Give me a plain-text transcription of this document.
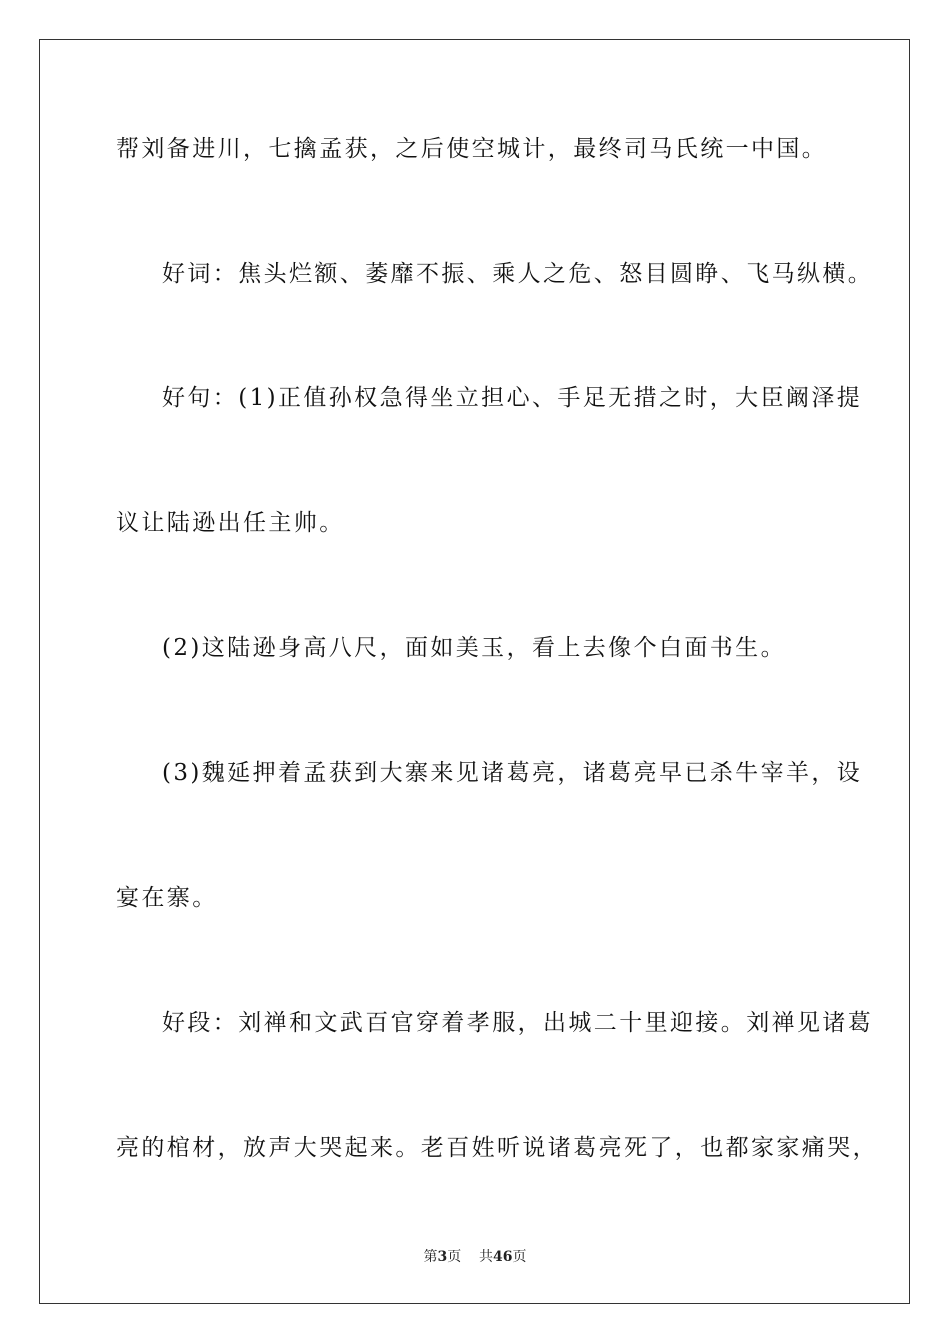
帮刘备进川，七擒孟获，之后使空城计，最终司马氏统一中国。
好词：焦头烂额、萎靡不振、乘人之危、怒目圆睁、飞马纵横。
好句：(1)正值孙权急得坐立担心、手足无措之时，大臣阚泽提
议让陆逊出任主帅。
(2)这陆逊身高八尺，面如美玉，看上去像个白面书生。
(3)魏延押着孟获到大寨来见诸葛亮，诸葛亮早已杀牛宰羊，设
宴在寨。
好段：刘禅和文武百官穿着孝服，出城二十里迎接。刘禅见诸葛
亮的棺材，放声大哭起来。老百姓听说诸葛亮死了，也都家家痛哭，
第3页 共46页
